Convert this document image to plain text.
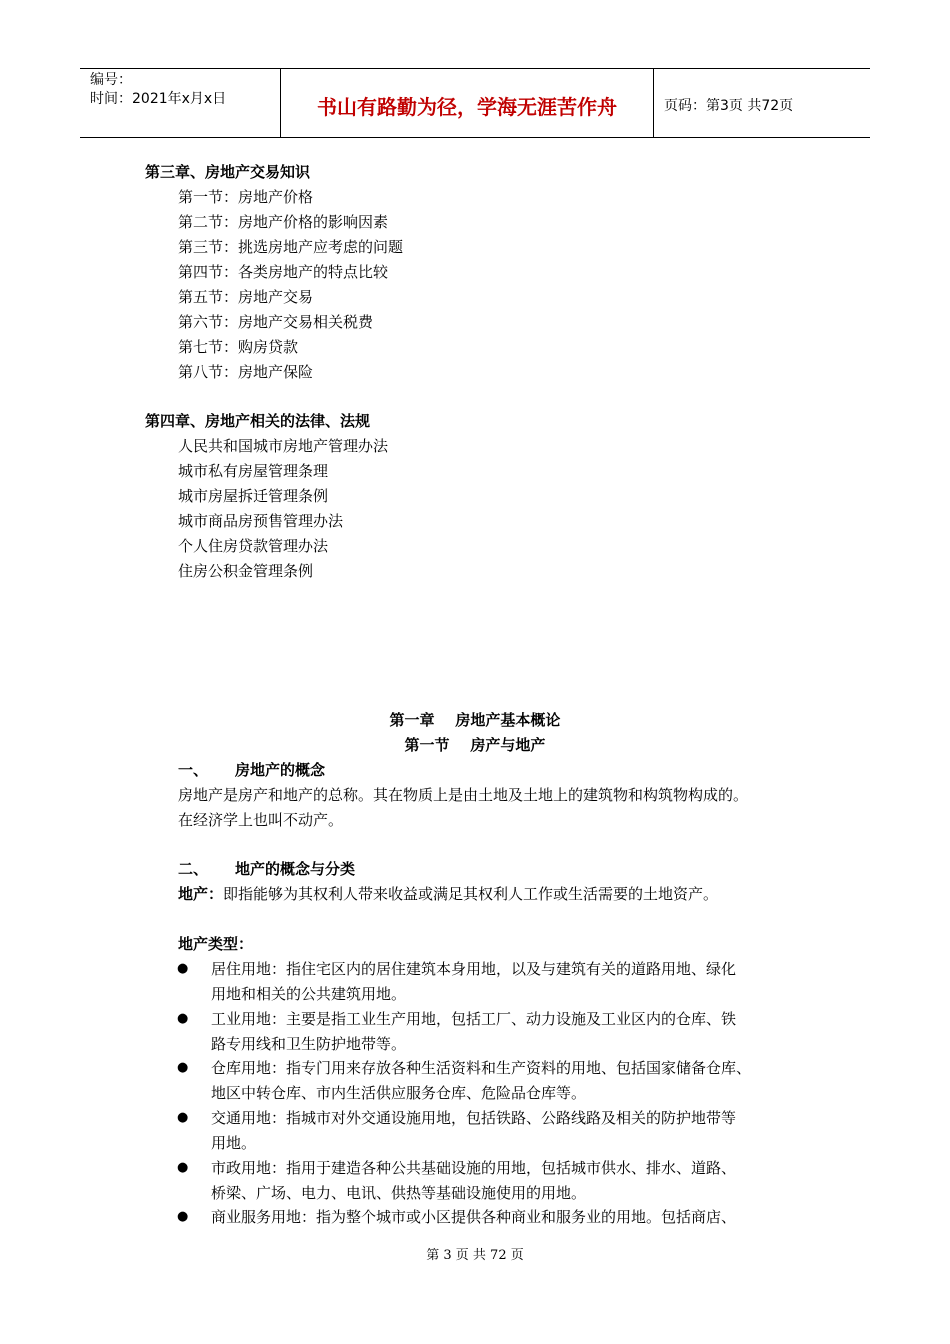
编号：
时间：2021年x月x日	书山有路勤为径，学海无涯苦作舟	页码：第3页 共72页
第三章、房地产交易知识
第一节：房地产价格
第二节：房地产价格的影响因素
第三节：挑选房地产应考虑的问题
第四节：各类房地产的特点比较
第五节：房地产交易
第六节：房地产交易相关税费
第七节：购房贷款
第八节：房地产保险
第四章、房地产相关的法律、法规
人民共和国城市房地产管理办法
城市私有房屋管理条理
城市房屋拆迁管理条例
城市商品房预售管理办法
个人住房贷款管理办法
住房公积金管理条例
第一章    房地产基本概论
第一节    房产与地产
一、 房地产的概念
房地产是房产和地产的总称。其在物质上是由土地及土地上的建筑物和构筑物构成的。
在经济学上也叫不动产。
二、 地产的概念与分类
地产：即指能够为其权利人带来收益或满足其权利人工作或生活需要的土地资产。
地产类型：
● 居住用地：指住宅区内的居住建筑本身用地，以及与建筑有关的道路用地、绿化
用地和相关的公共建筑用地。
● 工业用地：主要是指工业生产用地，包括工厂、动力设施及工业区内的仓库、铁
路专用线和卫生防护地带等。
● 仓库用地：指专门用来存放各种生活资料和生产资料的用地、包括国家储备仓库、
地区中转仓库、市内生活供应服务仓库、危险品仓库等。
● 交通用地：指城市对外交通设施用地，包括铁路、公路线路及相关的防护地带等
用地。
● 市政用地：指用于建造各种公共基础设施的用地，包括城市供水、排水、道路、
桥梁、广场、电力、电讯、供热等基础设施使用的用地。
● 商业服务用地：指为整个城市或小区提供各种商业和服务业的用地。包括商店、
第 3 页 共 72 页
